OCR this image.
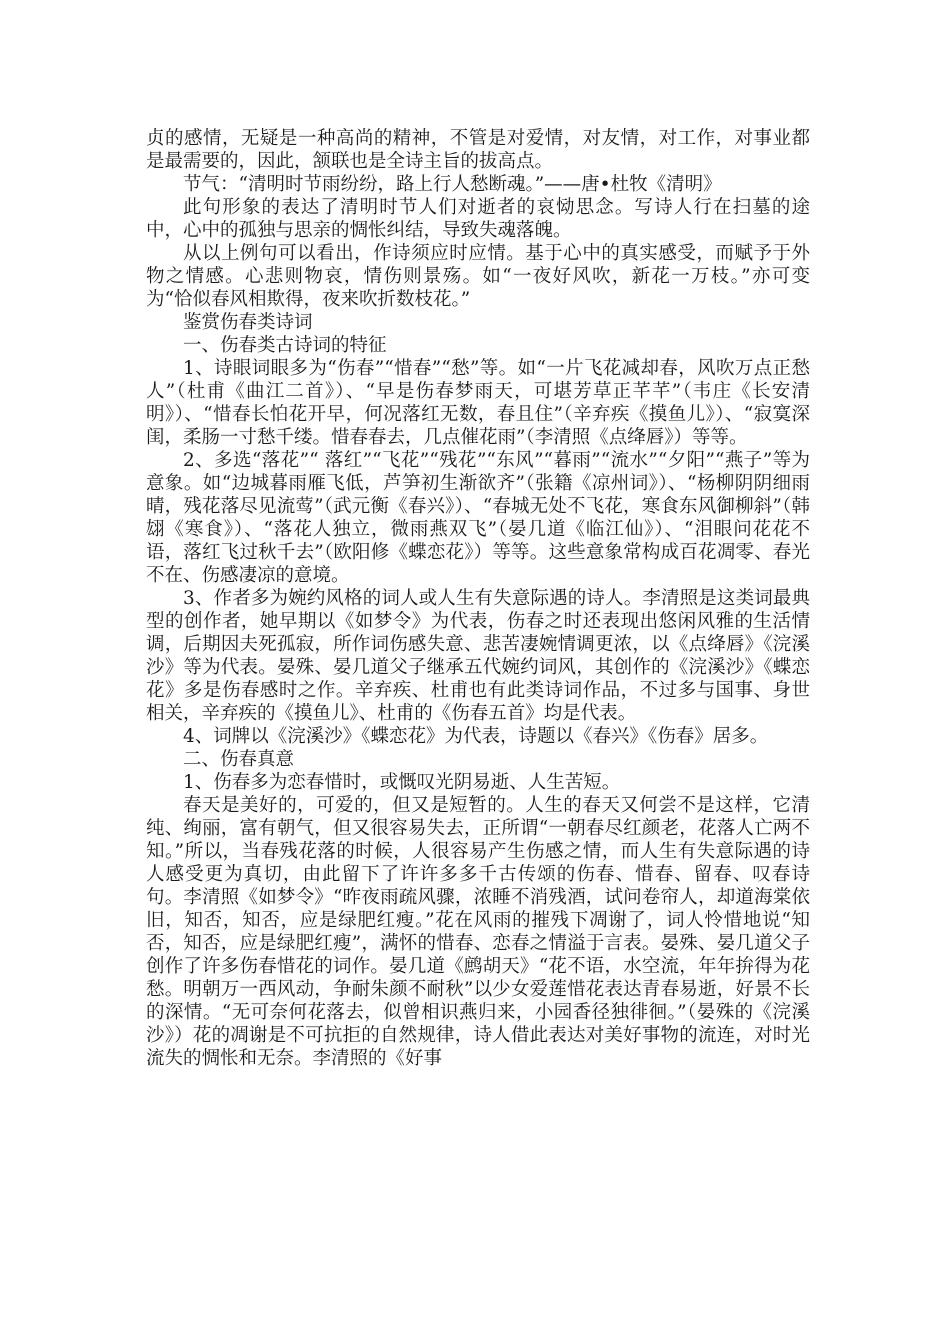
贞的感情，无疑是一种高尚的精神，不管是对爱情，对友情，对工作，对事业都是最需要的，因此，颔联也是全诗主旨的拔高点。

节气：“清明时节雨纷纷，路上行人愁断魂。”——唐•杜牧《清明》

此句形象的表达了清明时节人们对逝者的哀恸思念。写诗人行在扫墓的途中，心中的孤独与思亲的惆怅纠结，导致失魂落魄。

从以上例句可以看出，作诗须应时应情。基于心中的真实感受，而赋予于外物之情感。心悲则物哀，情伤则景殇。如“一夜好风吹，新花一万枝。”亦可变为“恰似春风相欺得，夜来吹折数枝花。”

鉴赏伤春类诗词

一、伤春类古诗词的特征

1、诗眼词眼多为“伤春”“惜春”“愁”等。如“一片飞花减却春，风吹万点正愁人”（杜甫《曲江二首》）、“早是伤春梦雨天，可堪芳草正芊芊”（韦庄《长安清明》）、“惜春长怕花开早，何况落红无数，春且住”（辛弃疾《摸鱼儿》）、“寂寞深闺，柔肠一寸愁千缕。惜春春去，几点催花雨”（李清照《点绛唇》）等等。

2、多选“落花”“ 落红”“飞花”“残花”“东风”“暮雨”“流水”“夕阳”“燕子”等为意象。如“边城暮雨雁飞低，芦笋初生渐欲齐”（张籍《凉州词》）、“杨柳阴阴细雨晴，残花落尽见流莺”（武元衡《春兴》）、“春城无处不飞花，寒食东风御柳斜”（韩翃《寒食》）、“落花人独立，微雨燕双飞”（晏几道《临江仙》）、“泪眼问花花不语，落红飞过秋千去”（欧阳修《蝶恋花》）等等。这些意象常构成百花凋零、春光不在、伤感凄凉的意境。

3、作者多为婉约风格的词人或人生有失意际遇的诗人。李清照是这类词最典型的创作者，她早期以《如梦令》为代表，伤春之时还表现出悠闲风雅的生活情调，后期因夫死孤寂，所作词伤感失意、悲苦凄婉情调更浓，以《点绛唇》《浣溪沙》等为代表。晏殊、晏几道父子继承五代婉约词风，其创作的《浣溪沙》《蝶恋花》多是伤春感时之作。辛弃疾、杜甫也有此类诗词作品，不过多与国事、身世相关，辛弃疾的《摸鱼儿》、杜甫的《伤春五首》均是代表。

4、词牌以《浣溪沙》《蝶恋花》为代表，诗题以《春兴》《伤春》居多。

二、伤春真意

1、伤春多为恋春惜时，或慨叹光阴易逝、人生苦短。

春天是美好的，可爱的，但又是短暂的。人生的春天又何尝不是这样，它清纯、绚丽，富有朝气，但又很容易失去，正所谓“一朝春尽红颜老，花落人亡两不知。”所以，当春残花落的时候，人很容易产生伤感之情，而人生有失意际遇的诗人感受更为真切，由此留下了许许多多千古传颂的伤春、惜春、留春、叹春诗句。李清照《如梦令》“昨夜雨疏风骤，浓睡不消残酒，试问卷帘人，却道海棠依旧，知否，知否，应是绿肥红瘦。”花在风雨的摧残下凋谢了，词人怜惜地说“知否，知否，应是绿肥红瘦”，满怀的惜春、恋春之情溢于言表。晏殊、晏几道父子创作了许多伤春惜花的词作。晏几道《鹧胡天》“花不语，水空流，年年拚得为花愁。明朝万一西风动，争耐朱颜不耐秋”以少女爱莲惜花表达青春易逝，好景不长的深情。“无可奈何花落去，似曾相识燕归来，小园香径独徘徊。”（晏殊的《浣溪沙》）花的凋谢是不可抗拒的自然规律，诗人借此表达对美好事物的流连，对时光流失的惆怅和无奈。李清照的《好事
